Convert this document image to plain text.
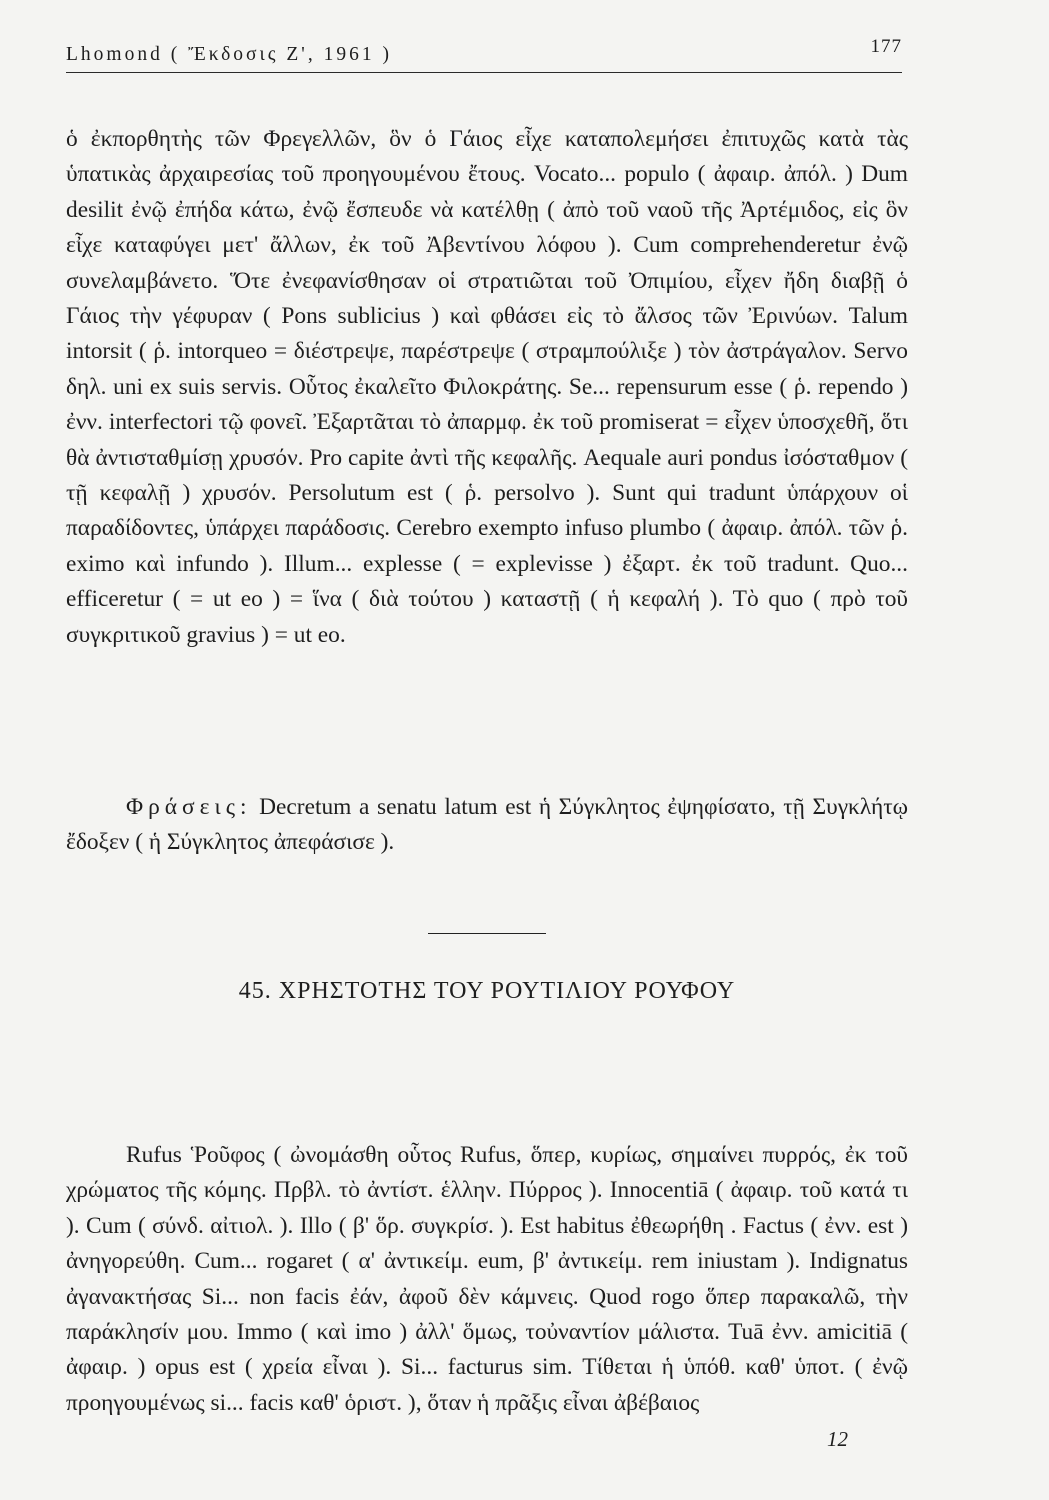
Lhomond ( Ἔκδοσις Ζ', 1961 )	177

ὁ ἐκπορθητὴς τῶν Φρεγελλῶν, ὃν ὁ Γάιος εἶχε καταπολεμήσει ἐπιτυχῶς κατὰ τὰς ὑπατικὰς ἀρχαιρεσίας τοῦ προηγουμένου ἔτους. Vocato... populo ( ἀφαιρ. ἀπόλ. ) Dum desilit ἐνῷ ἐπήδα κάτω, ἐνῷ ἔσπευδε νὰ κατέλθῃ ( ἀπὸ τοῦ ναοῦ τῆς Ἀρτέμιδος, εἰς ὃν εἶχε καταφύγει μετ' ἄλλων, ἐκ τοῦ Ἀβεντίνου λόφου ). Cum comprehenderetur ἐνῷ συνελαμβάνετο. Ὅτε ἐνεφανίσθησαν οἱ στρατιῶται τοῦ Ὀπιμίου, εἶχεν ἤδη διαβῇ ὁ Γάιος τὴν γέφυραν ( Pons sublicius ) καὶ φθάσει εἰς τὸ ἄλσος τῶν Ἐρινύων. Talum intorsit ( ῥ. intorqueo = διέστρεψε, παρέστρεψε ( στραμπούλιξε ) τὸν ἀστράγαλον. Servo δηλ. uni ex suis servis. Οὗτος ἐκαλεῖτο Φιλοκράτης. Se... repensurum esse ( ῥ. rependo ) ἐνν. interfectori τῷ φονεῖ. Ἐξαρτᾶται τὸ ἀπαρμφ. ἐκ τοῦ promiserat = εἶχεν ὑποσχεθῆ, ὅτι θὰ ἀντισταθμίσῃ χρυσόν. Pro capite ἀντὶ τῆς κεφαλῆς. Aequale auri pondus ἰσόσταθμον ( τῇ κεφαλῇ ) χρυσόν. Persolutum est ( ῥ. persolvo ). Sunt qui tradunt ὑπάρχουν οἱ παραδίδοντες, ὑπάρχει παράδοσις. Cerebro exempto infuso plumbo ( ἀφαιρ. ἀπόλ. τῶν ῥ. eximo καὶ infundo ). Illum... explesse ( = explevisse ) ἐξαρτ. ἐκ τοῦ tradunt. Quo... efficeretur ( = ut eo ) = ἵνα ( διὰ τούτου ) καταστῇ ( ἡ κεφαλή ). Τὸ quo ( πρὸ τοῦ συγκριτικοῦ gravius ) = ut eo.

Φράσεις: Decretum a senatu latum est ἡ Σύγκλητος ἐψηφίσατο, τῇ Συγκλήτῳ ἔδοξεν ( ἡ Σύγκλητος ἀπεφάσισε ).

45. ΧΡΗΣΤΟΤΗΣ ΤΟΥ ΡΟΥΤΙΛΙΟΥ ΡΟΥΦΟΥ

Rufus Ῥοῦφος ( ὠνομάσθη οὗτος Rufus, ὅπερ, κυρίως, σημαίνει πυρρός, ἐκ τοῦ χρώματος τῆς κόμης. Πρβλ. τὸ ἀντίστ. ἑλλην. Πύρρος ). Innocentiā ( ἀφαιρ. τοῦ κατά τι ). Cum ( σύνδ. αἰτιολ. ). Illo ( β' ὅρ. συγκρίσ. ). Est habitus ἐθεωρήθη . Factus ( ἐνν. est ) ἀνηγορεύθη. Cum... rogaret ( α' ἀντικείμ. eum, β' ἀντικείμ. rem iniustam ). Indignatus ἀγανακτήσας Si... non facis ἐάν, ἀφοῦ δὲν κάμνεις. Quod rogo ὅπερ παρακαλῶ, τὴν παράκλησίν μου. Immo ( καὶ imo ) ἀλλ' ὅμως, τοὐναντίον μάλιστα. Tuā ἐνν. amicitiā ( ἀφαιρ. ) opus est ( χρεία εἶναι ). Si... facturus sim. Τίθεται ἡ ὑπόθ. καθ' ὑποτ. ( ἐνῷ προηγουμένως si... facis καθ' ὁριστ. ), ὅταν ἡ πρᾶξις εἶναι ἀβέβαιος

12
